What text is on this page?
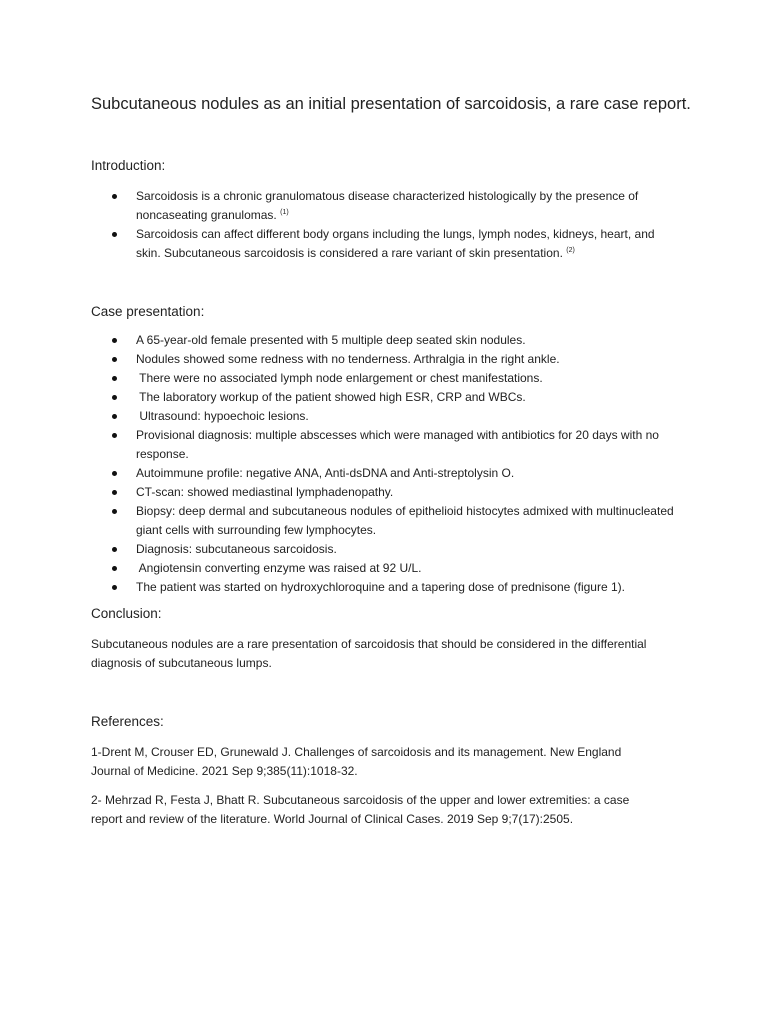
Subcutaneous nodules as an initial presentation of sarcoidosis, a rare case report.
Introduction:
Sarcoidosis is a chronic granulomatous disease characterized histologically by the presence of noncaseating granulomas. $^{(1)}$
Sarcoidosis can affect different body organs including the lungs, lymph nodes, kidneys, heart, and skin. Subcutaneous sarcoidosis is considered a rare variant of skin presentation. $^{(2)}$
Case presentation:
A 65-year-old female presented with 5 multiple deep seated skin nodules.
Nodules showed some redness with no tenderness. Arthralgia in the right ankle.
There were no associated lymph node enlargement or chest manifestations.
The laboratory workup of the patient showed high ESR, CRP and WBCs.
Ultrasound: hypoechoic lesions.
Provisional diagnosis: multiple abscesses which were managed with antibiotics for 20 days with no response.
Autoimmune profile: negative ANA, Anti-dsDNA and Anti-streptolysin O.
CT-scan: showed mediastinal lymphadenopathy.
Biopsy: deep dermal and subcutaneous nodules of epithelioid histocytes admixed with multinucleated giant cells with surrounding few lymphocytes.
Diagnosis: subcutaneous sarcoidosis.
Angiotensin converting enzyme was raised at 92 U/L.
The patient was started on hydroxychloroquine and a tapering dose of prednisone (figure 1).
Conclusion:
Subcutaneous nodules are a rare presentation of sarcoidosis that should be considered in the differential diagnosis of subcutaneous lumps.
References:
1-Drent M, Crouser ED, Grunewald J. Challenges of sarcoidosis and its management. New England Journal of Medicine. 2021 Sep 9;385(11):1018-32.
2- Mehrzad R, Festa J, Bhatt R. Subcutaneous sarcoidosis of the upper and lower extremities: a case report and review of the literature. World Journal of Clinical Cases. 2019 Sep 9;7(17):2505.
